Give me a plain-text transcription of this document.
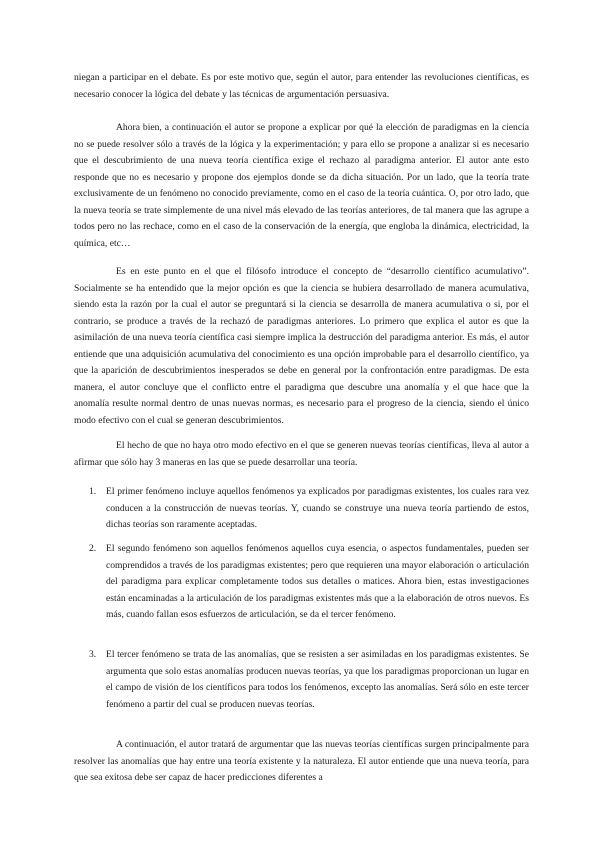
niegan a participar en el debate. Es por este motivo que, según el autor, para entender las revoluciones científicas, es necesario conocer la lógica del debate y las técnicas de argumentación persuasiva.

Ahora bien, a continuación el autor se propone a explicar por qué la elección de paradigmas en la ciencia no se puede resolver sólo a través de la lógica y la experimentación; y para ello se propone a analizar si es necesario que el descubrimiento de una nueva teoría científica exige el rechazo al paradigma anterior. El autor ante esto responde que no es necesario y propone dos ejemplos donde se da dicha situación. Por un lado, que la teoría trate exclusivamente de un fenómeno no conocido previamente, como en el caso de la teoría cuántica. O, por otro lado, que la nueva teoría se trate simplemente de una nivel más elevado de las teorías anteriores, de tal manera que las agrupe a todos pero no las rechace, como en el caso de la conservación de la energía, que engloba la dinámica, electricidad, la química, etc…

Es en este punto en el que el filósofo introduce el concepto de “desarrollo científico acumulativo”. Socialmente se ha entendido que la mejor opción es que la ciencia se hubiera desarrollado de manera acumulativa, siendo esta la razón por la cual el autor se preguntará si la ciencia se desarrolla de manera acumulativa o si, por el contrario, se produce a través de la rechazó de paradigmas anteriores. Lo primero que explica el autor es que la asimilación de una nueva teoría científica casi siempre implica la destrucción del paradigma anterior. Es más, el autor entiende que una adquisición acumulativa del conocimiento es una opción improbable para el desarrollo científico, ya que la aparición de descubrimientos inesperados se debe en general por la confrontación entre paradigmas. De esta manera, el autor concluye que el conflicto entre el paradigma que descubre una anomalía y el que hace que la anomalía resulte normal dentro de unas nuevas normas, es necesario para el progreso de la ciencia, siendo el único modo efectivo con el cual se generan descubrimientos.

El hecho de que no haya otro modo efectivo en el que se generen nuevas teorías científicas, lleva al autor a afirmar que sólo hay 3 maneras en las que se puede desarrollar una teoría.

1. El primer fenómeno incluye aquellos fenómenos ya explicados por paradigmas existentes, los cuales rara vez conducen a la construcción de nuevas teorías. Y, cuando se construye una nueva teoría partiendo de estos, dichas teorías son raramente aceptadas.

2. El segundo fenómeno son aquellos fenómenos aquellos cuya esencia, o aspectos fundamentales, pueden ser comprendidos a través de los paradigmas existentes; pero que requieren una mayor elaboración o articulación del paradigma para explicar completamente todos sus detalles o matices. Ahora bien, estas investigaciones están encaminadas a la articulación de los paradigmas existentes más que a la elaboración de otros nuevos. Es más, cuando fallan esos esfuerzos de articulación, se da el tercer fenómeno.

3. El tercer fenómeno se trata de las anomalías, que se resisten a ser asimiladas en los paradigmas existentes. Se argumenta que solo estas anomalías producen nuevas teorías, ya que los paradigmas proporcionan un lugar en el campo de visión de los científicos para todos los fenómenos, excepto las anomalías. Será sólo en este tercer fenómeno a partir del cual se producen nuevas teorías.

A continuación, el autor tratará de argumentar que las nuevas teorías científicas surgen principalmente para resolver las anomalías que hay entre una teoría existente y la naturaleza. El autor entiende que una nueva teoría, para que sea exitosa debe ser capaz de hacer predicciones diferentes a
